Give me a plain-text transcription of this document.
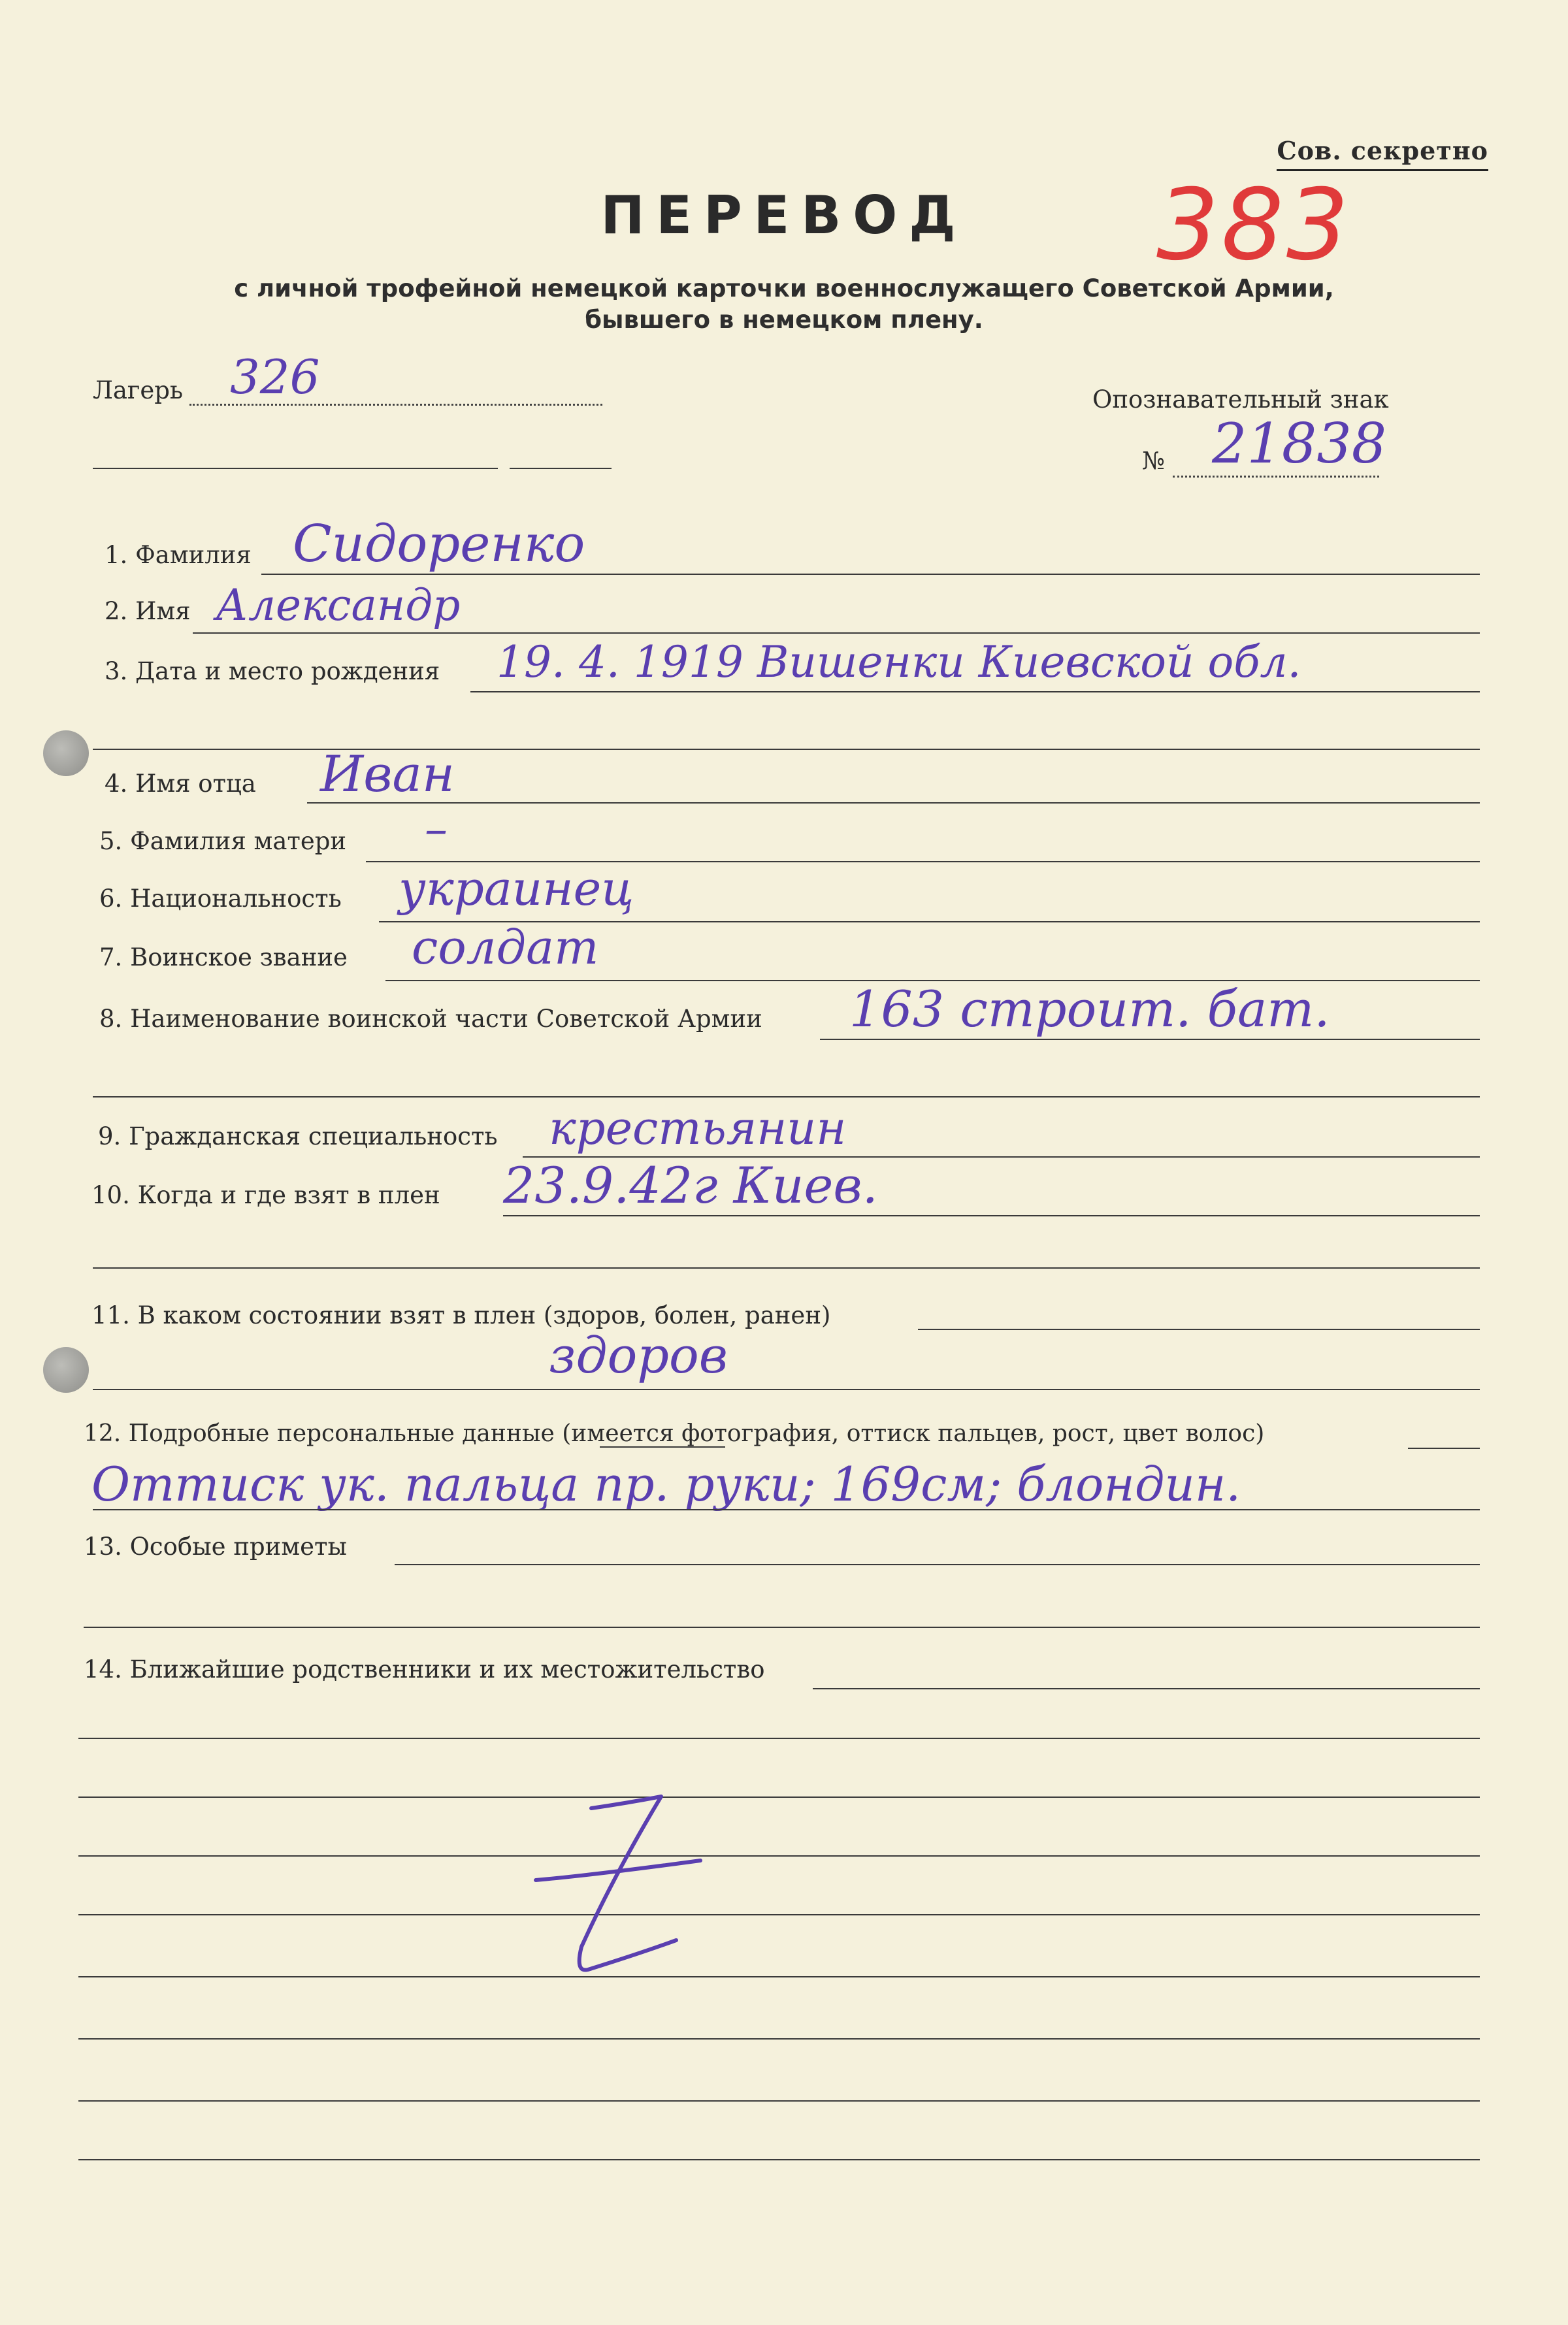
Сов. секретно
ПЕРЕВОД	383
с личной трофейной немецкой карточки военнослужащего Советской Армии,
бывшего в немецком плену.
Лагерь 326	Опознавательный знак
№ 21838
1. Фамилия Сидоренко
2. Имя Александр
3. Дата и место рождения 19. 4. 1919 Вишенки Киевской обл.
4. Имя отца Иван
5. Фамилия матери –
6. Национальность украинец
7. Воинское звание солдат
8. Наименование воинской части Советской Армии 163 строит. бат.
9. Гражданская специальность крестьянин
10. Когда и где взят в плен 23.9.42г Киев.
11. В каком состоянии взят в плен (здоров, болен, ранен)
здоров
12. Подробные персональные данные (имеется фотография, оттиск пальцев, рост, цвет волос)
Оттиск ук. пальца пр. руки; 169см; блондин.
13. Особые приметы
14. Ближайшие родственники и их местожительство
